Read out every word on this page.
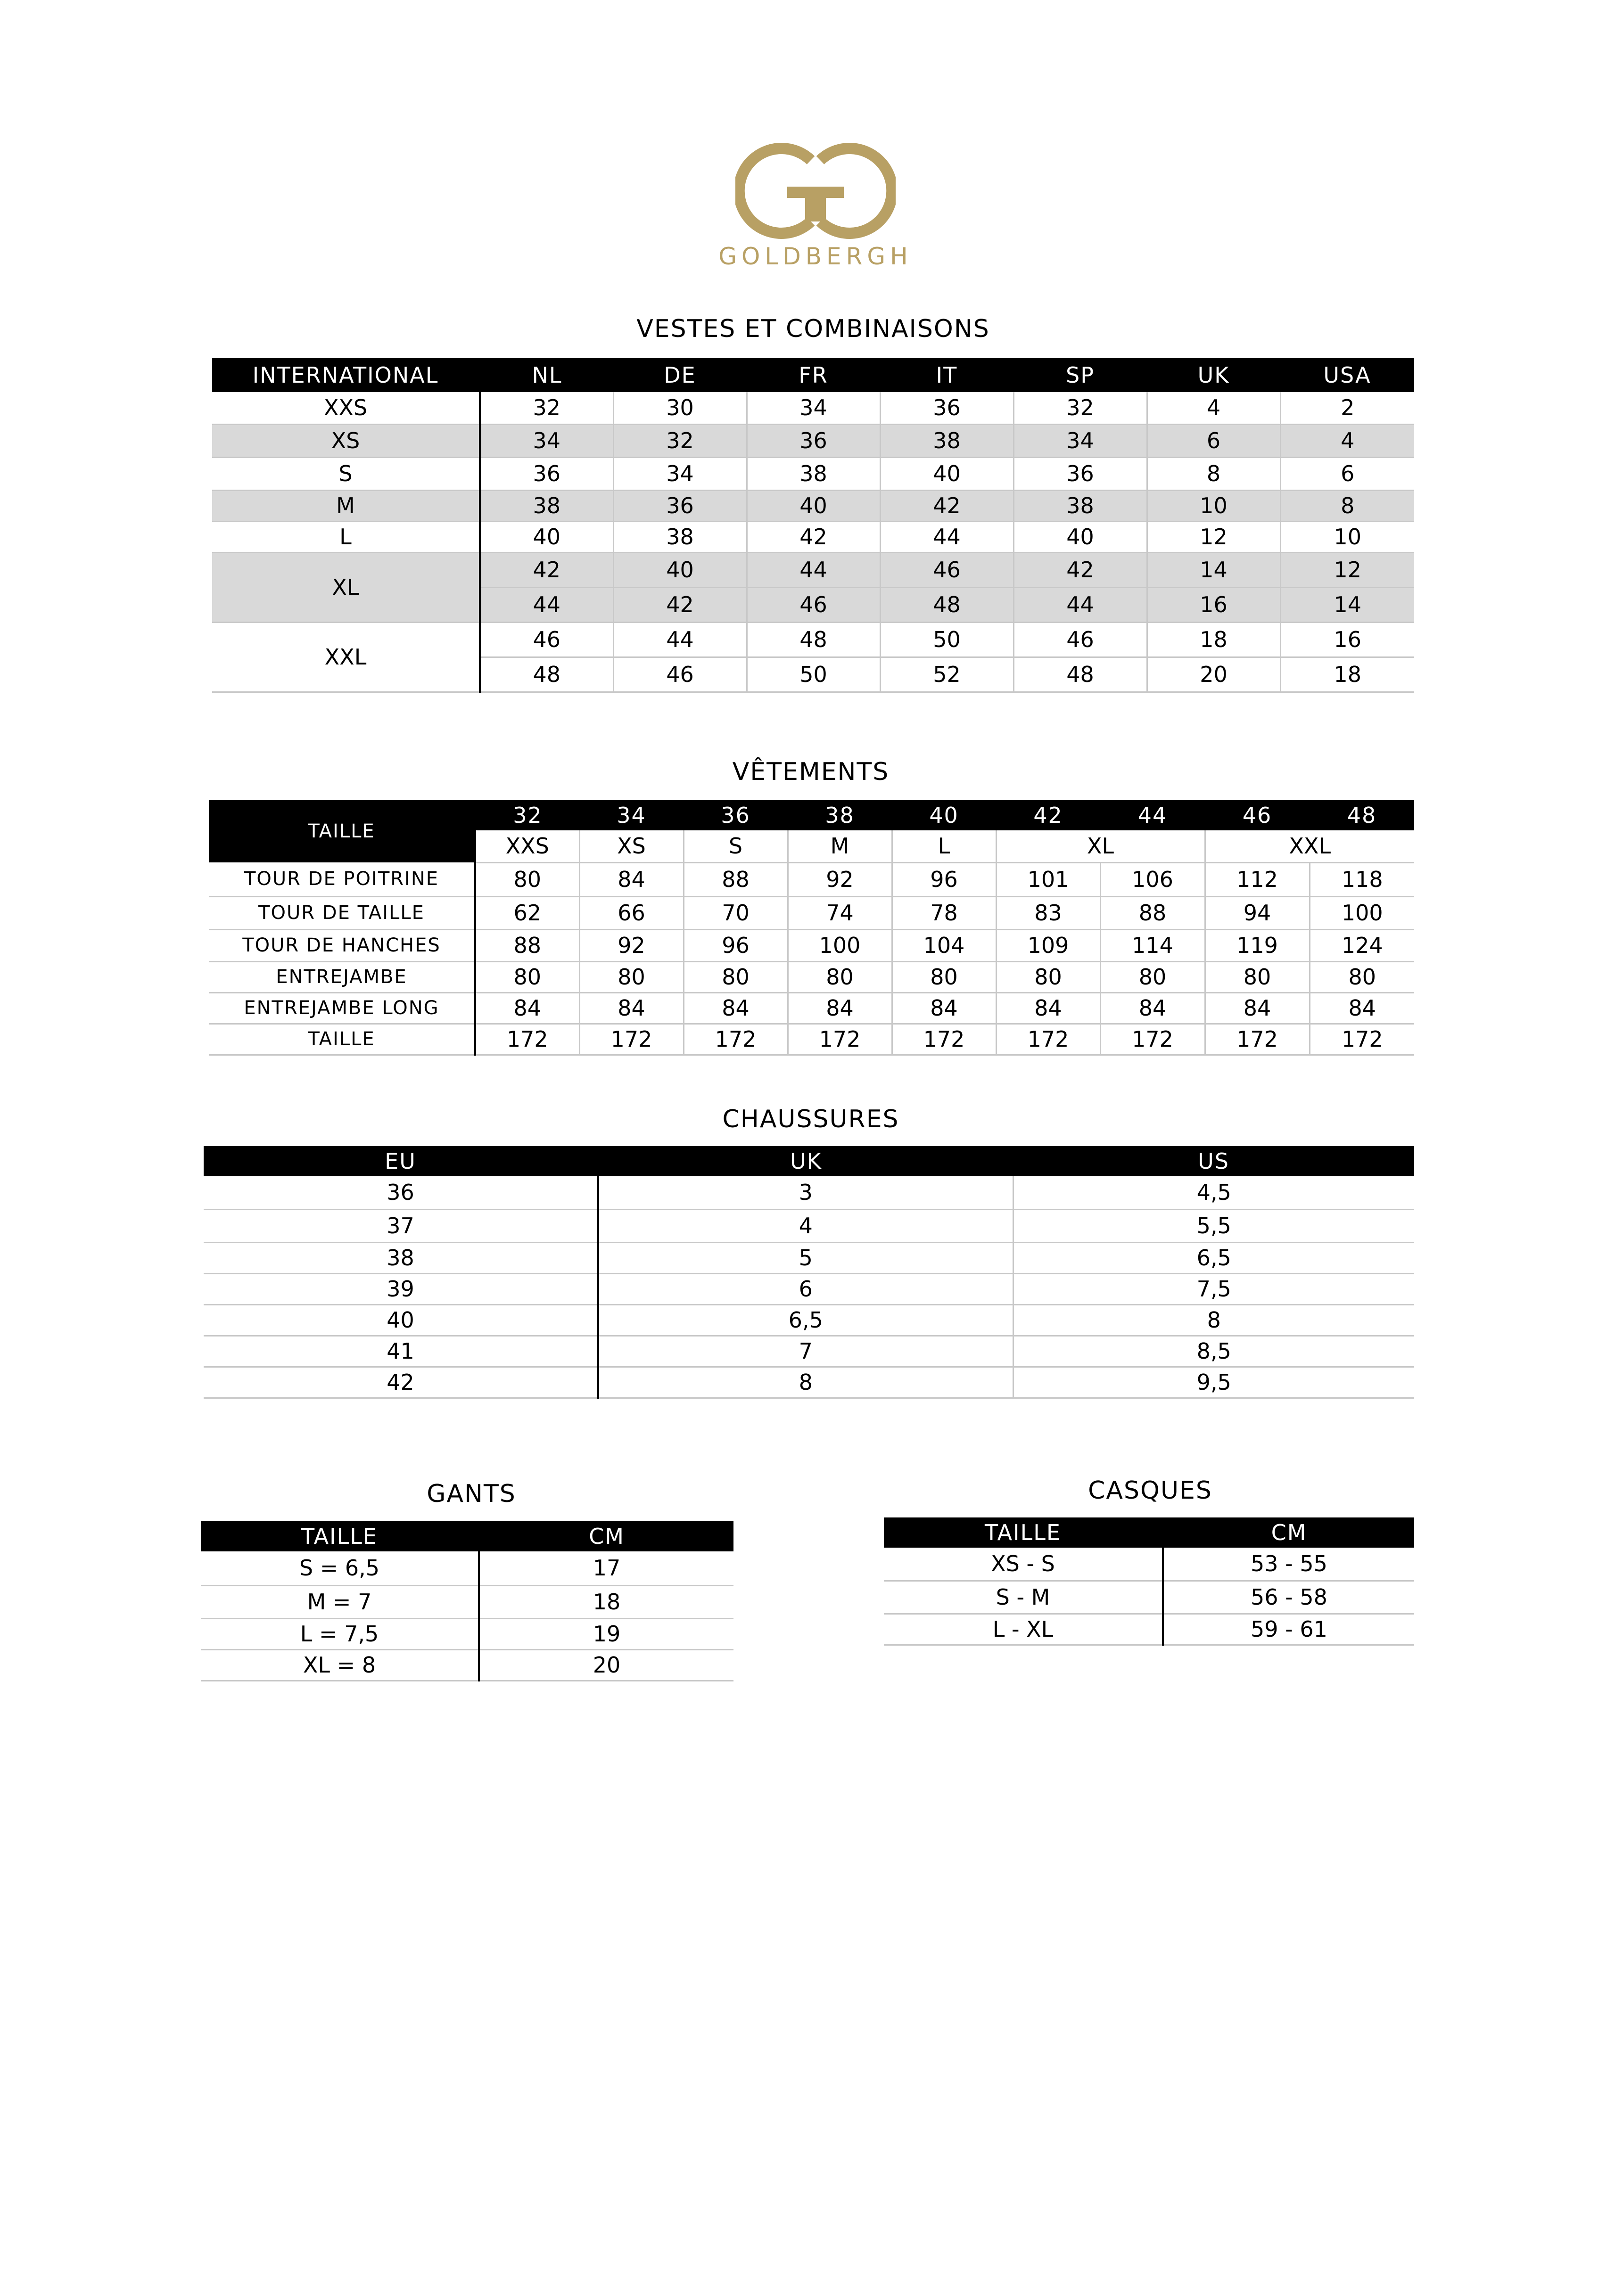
GOLDBERGH
VESTES ET COMBINAISONS
INTERNATIONAL	NL	DE	FR	IT	SP	UK	USA
XXS	32	30	34	36	32	4	2
XS	34	32	36	38	34	6	4
S	36	34	38	40	36	8	6
M	38	36	40	42	38	10	8
L	40	38	42	44	40	12	10
XL	42	40	44	46	42	14	12
	44	42	46	48	44	16	14
XXL	46	44	48	50	46	18	16
	48	46	50	52	48	20	18
VÊTEMENTS
TAILLE	32	34	36	38	40	42	44	46	48
	XXS	XS	S	M	L	XL		XXL	
TOUR DE POITRINE	80	84	88	92	96	101	106	112	118
TOUR DE TAILLE	62	66	70	74	78	83	88	94	100
TOUR DE HANCHES	88	92	96	100	104	109	114	119	124
ENTREJAMBE	80	80	80	80	80	80	80	80	80
ENTREJAMBE LONG	84	84	84	84	84	84	84	84	84
TAILLE	172	172	172	172	172	172	172	172	172
CHAUSSURES
EU	UK	US
36	3	4,5
37	4	5,5
38	5	6,5
39	6	7,5
40	6,5	8
41	7	8,5
42	8	9,5
GANTS
TAILLE	CM
S = 6,5	17
M = 7	18
L = 7,5	19
XL = 8	20
CASQUES
TAILLE	CM
XS - S	53 - 55
S - M	56 - 58
L - XL	59 - 61
